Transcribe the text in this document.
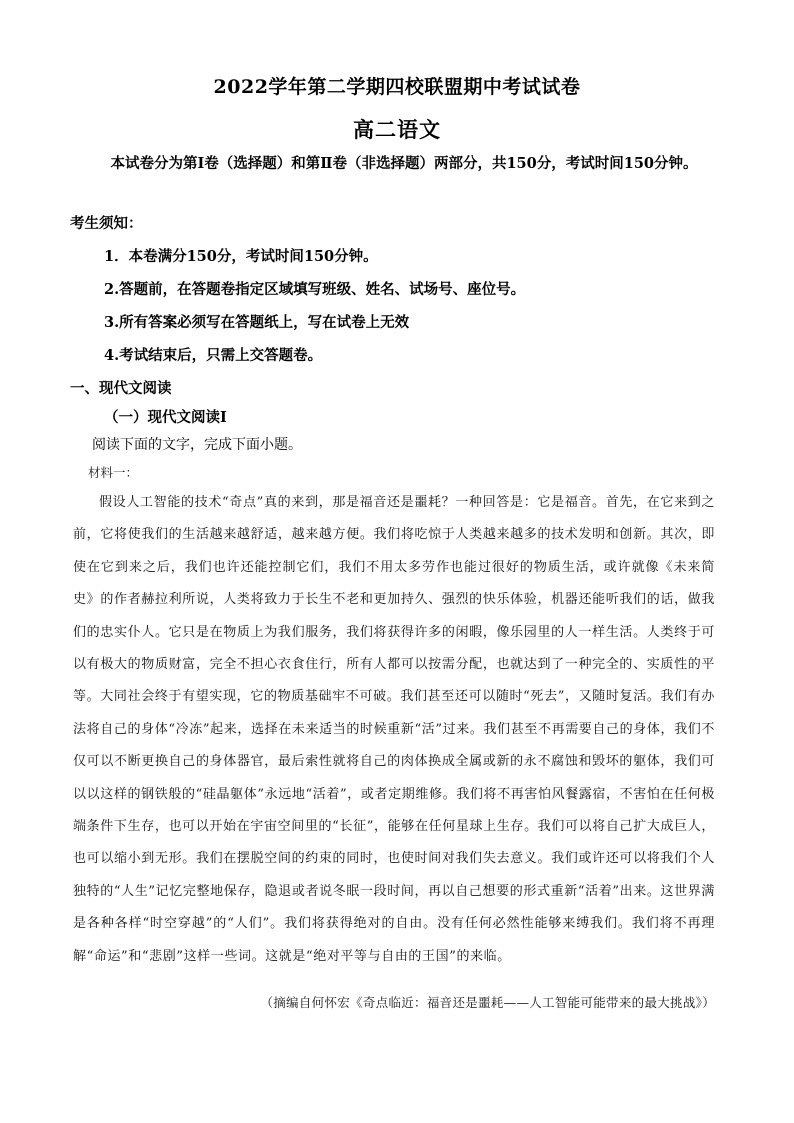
2022学年第二学期四校联盟期中考试试卷
高二语文
本试卷分为第Ⅰ卷（选择题）和第Ⅱ卷（非选择题）两部分，共150分，考试时间150分钟。
考生须知：
1．本卷满分150分，考试时间150分钟。
2.答题前，在答题卷指定区域填写班级、姓名、试场号、座位号。
3.所有答案必须写在答题纸上，写在试卷上无效
4.考试结束后，只需上交答题卷。
一、现代文阅读
（一）现代文阅读Ⅰ
阅读下面的文字，完成下面小题。
材料一：
假设人工智能的技术“奇点”真的来到，那是福音还是噩耗？一种回答是：它是福音。首先，在它来到之前，它将使我们的生活越来越舒适，越来越方便。我们将吃惊于人类越来越多的技术发明和创新。其次，即使在它到来之后，我们也许还能控制它们，我们不用太多劳作也能过很好的物质生活，或许就像《未来简史》的作者赫拉利所说，人类将致力于长生不老和更加持久、强烈的快乐体验，机器还能听我们的话，做我们的忠实仆人。它只是在物质上为我们服务，我们将获得许多的闲暇，像乐园里的人一样生活。人类终于可以有极大的物质财富，完全不担心衣食住行，所有人都可以按需分配，也就达到了一种完全的、实质性的平等。大同社会终于有望实现，它的物质基础牢不可破。我们甚至还可以随时“死去”，又随时复活。我们有办法将自己的身体“冷冻”起来，选择在未来适当的时候重新“活”过来。我们甚至不再需要自己的身体，我们不仅可以不断更换自己的身体器官，最后索性就将自己的肉体换成全属或新的永不腐蚀和毁坏的躯体，我们可以以这样的钢铁般的“硅晶躯体”永远地“活着”，或者定期维修。我们将不再害怕风餐露宿，不害怕在任何极端条件下生存，也可以开始在宇宙空间里的“长征”，能够在任何星球上生存。我们可以将自己扩大成巨人，也可以缩小到无形。我们在摆脱空间的约束的同时，也使时间对我们失去意义。我们或许还可以将我们个人独特的“人生”记忆完整地保存，隐退或者说冬眠一段时间，再以自己想要的形式重新“活着”出来。这世界满是各种各样“时空穿越”的“人们”。我们将获得绝对的自由。没有任何必然性能够来缚我们。我们将不再理解“命运”和“悲剧”这样一些词。这就是“绝对平等与自由的王国”的来临。
（摘编自何怀宏《奇点临近：福音还是噩耗——人工智能可能带来的最大挑战》）
